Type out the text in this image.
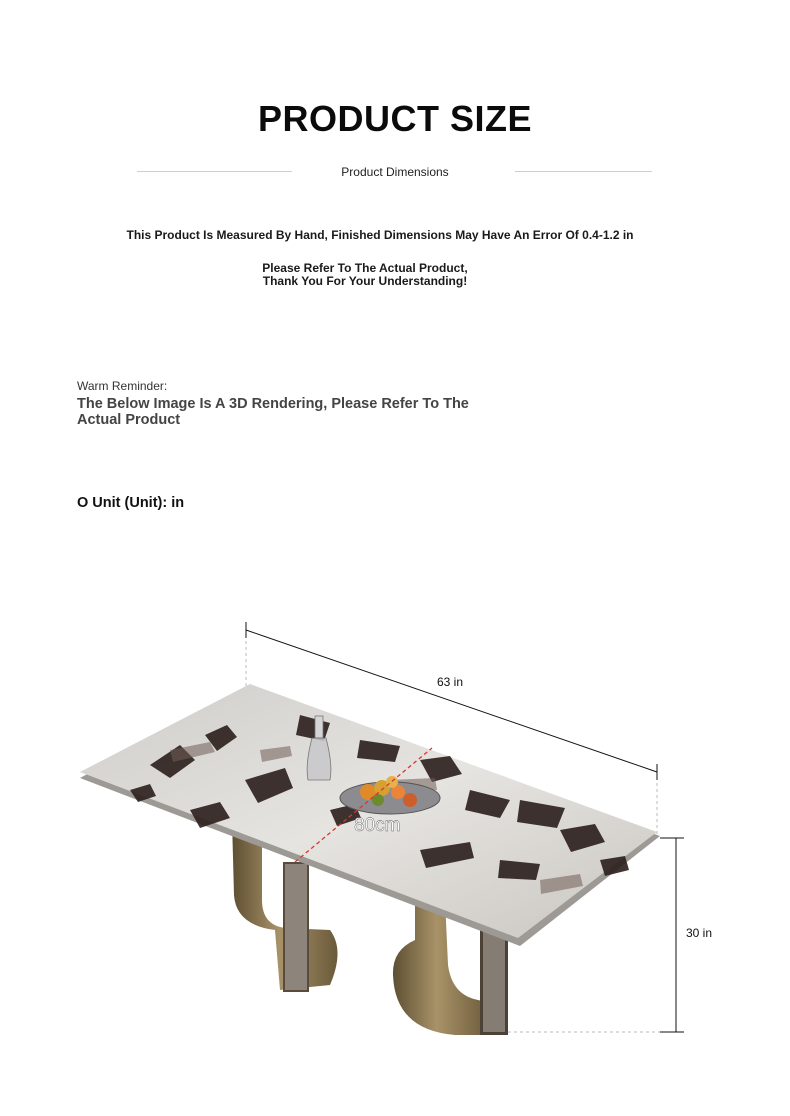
PRODUCT SIZE
Product Dimensions
This Product Is Measured By Hand, Finished Dimensions May Have An Error Of 0.4-1.2 in
Please Refer To The Actual Product,
Thank You For Your Understanding!
Warm Reminder:
The Below Image Is A 3D Rendering, Please Refer To The
Actual Product
O Unit (Unit): in
63 in
30 in
80cm
